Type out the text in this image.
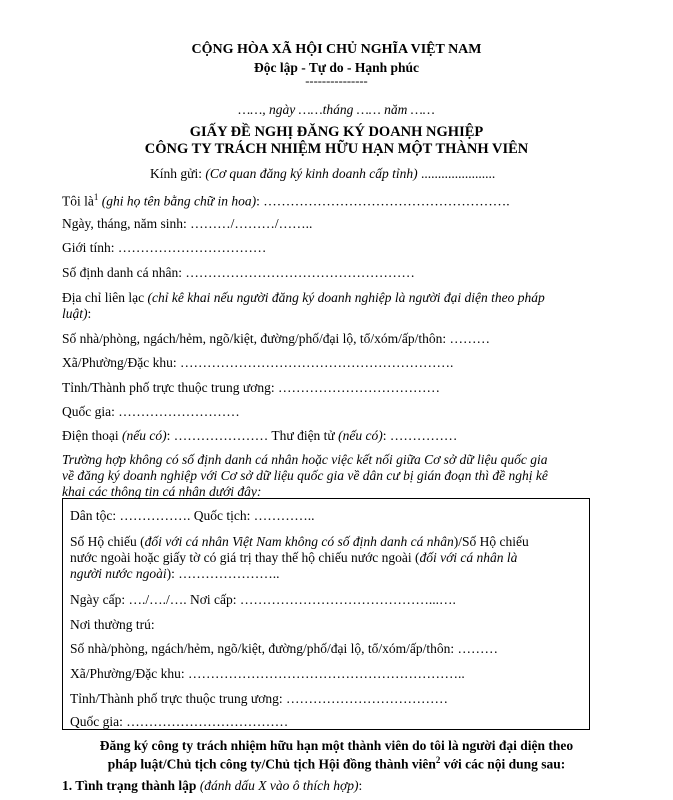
CỘNG HÒA XÃ HỘI CHỦ NGHĨA VIỆT NAM
Độc lập - Tự do - Hạnh phúc
---------------
……, ngày ……tháng …… năm ……
GIẤY ĐỀ NGHỊ ĐĂNG KÝ DOANH NGHIỆP
CÔNG TY TRÁCH NHIỆM HỮU HẠN MỘT THÀNH VIÊN
Kính gửi: (Cơ quan đăng ký kinh doanh cấp tỉnh) ......................
Tôi $là^1$ (ghi họ tên bằng chữ in hoa): ……………………………………………….
Ngày, tháng, năm sinh: ………/………/……..
Giới tính: ……………………………
Số định danh cá nhân: ……………………………………………
Địa chỉ liên lạc (chỉ kê khai nếu người đăng ký doanh nghiệp là người đại diện theo pháp
luật):
Số nhà/phòng, ngách/hẻm, ngõ/kiệt, đường/phố/đại lộ, tổ/xóm/ấp/thôn: ………
Xã/Phường/Đặc khu: …………………………………………………….
Tỉnh/Thành phố trực thuộc trung ương: ………………………………
Quốc gia: ………………………
Điện thoại (nếu có): ………………… Thư điện tử (nếu có): ……………
Trường hợp không có số định danh cá nhân hoặc việc kết nối giữa Cơ sở dữ liệu quốc gia
về đăng ký doanh nghiệp với Cơ sở dữ liệu quốc gia về dân cư bị gián đoạn thì đề nghị kê
khai các thông tin cá nhân dưới đây:
Dân tộc: ……………. Quốc tịch: …………..
Số Hộ chiếu (đối với cá nhân Việt Nam không có số định danh cá nhân)/Số Hộ chiếu
nước ngoài hoặc giấy tờ có giá trị thay thế hộ chiếu nước ngoài (đối với cá nhân là
người nước ngoài): …………………..
Ngày cấp: …./…./…. Nơi cấp: ……………………………………...….
Nơi thường trú:
Số nhà/phòng, ngách/hẻm, ngõ/kiệt, đường/phố/đại lộ, tổ/xóm/ấp/thôn: ………
Xã/Phường/Đặc khu: ……………………………………………………..
Tỉnh/Thành phố trực thuộc trung ương: ………………………………
Quốc gia: ………………………………
Đăng ký công ty trách nhiệm hữu hạn một thành viên do tôi là người đại diện theo
pháp luật/Chủ tịch công ty/Chủ tịch Hội đồng thành viên$^2$ với các nội dung sau:
1. Tình trạng thành lập (đánh dấu X vào ô thích hợp):
